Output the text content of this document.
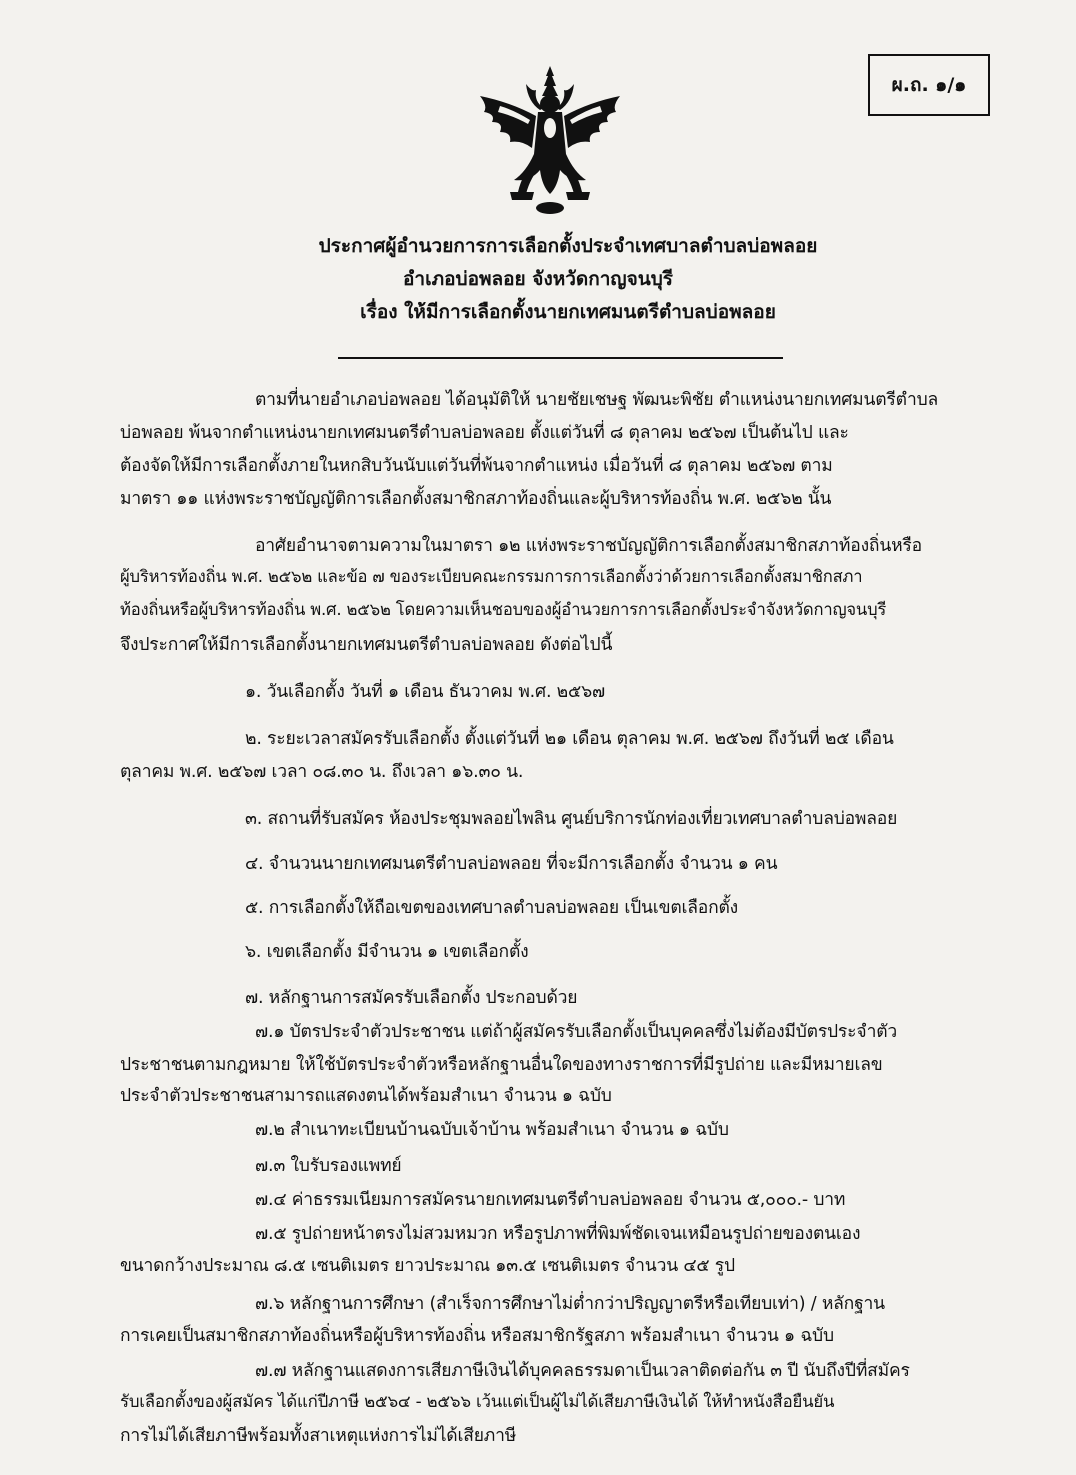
ผ.ถ. ๑/๑
ประกาศผู้อำนวยการการเลือกตั้งประจำเทศบาลตำบลบ่อพลอย
อำเภอบ่อพลอย จังหวัดกาญจนบุรี
เรื่อง ให้มีการเลือกตั้งนายกเทศมนตรีตำบลบ่อพลอย
ตามที่นายอำเภอบ่อพลอย ได้อนุมัติให้ นายชัยเชษฐ พัฒนะพิชัย ตำแหน่งนายกเทศมนตรีตำบล
บ่อพลอย พ้นจากตำแหน่งนายกเทศมนตรีตำบลบ่อพลอย ตั้งแต่วันที่ ๘ ตุลาคม ๒๕๖๗ เป็นต้นไป และ
ต้องจัดให้มีการเลือกตั้งภายในหกสิบวันนับแต่วันที่พ้นจากตำแหน่ง เมื่อวันที่ ๘ ตุลาคม ๒๕๖๗ ตาม
มาตรา ๑๑ แห่งพระราชบัญญัติการเลือกตั้งสมาชิกสภาท้องถิ่นและผู้บริหารท้องถิ่น พ.ศ. ๒๕๖๒ นั้น
อาศัยอำนาจตามความในมาตรา ๑๒ แห่งพระราชบัญญัติการเลือกตั้งสมาชิกสภาท้องถิ่นหรือ
ผู้บริหารท้องถิ่น พ.ศ. ๒๕๖๒ และข้อ ๗ ของระเบียบคณะกรรมการการเลือกตั้งว่าด้วยการเลือกตั้งสมาชิกสภา
ท้องถิ่นหรือผู้บริหารท้องถิ่น พ.ศ. ๒๕๖๒ โดยความเห็นชอบของผู้อำนวยการการเลือกตั้งประจำจังหวัดกาญจนบุรี
จึงประกาศให้มีการเลือกตั้งนายกเทศมนตรีตำบลบ่อพลอย ดังต่อไปนี้
๑. วันเลือกตั้ง วันที่ ๑ เดือน ธันวาคม พ.ศ. ๒๕๖๗
๒. ระยะเวลาสมัครรับเลือกตั้ง ตั้งแต่วันที่ ๒๑ เดือน ตุลาคม พ.ศ. ๒๕๖๗ ถึงวันที่ ๒๕ เดือน
ตุลาคม พ.ศ. ๒๕๖๗ เวลา ๐๘.๓๐ น. ถึงเวลา ๑๖.๓๐ น.
๓. สถานที่รับสมัคร ห้องประชุมพลอยไพลิน ศูนย์บริการนักท่องเที่ยวเทศบาลตำบลบ่อพลอย
๔. จำนวนนายกเทศมนตรีตำบลบ่อพลอย ที่จะมีการเลือกตั้ง จำนวน ๑ คน
๕. การเลือกตั้งให้ถือเขตของเทศบาลตำบลบ่อพลอย เป็นเขตเลือกตั้ง
๖. เขตเลือกตั้ง มีจำนวน ๑ เขตเลือกตั้ง
๗. หลักฐานการสมัครรับเลือกตั้ง ประกอบด้วย
๗.๑ บัตรประจำตัวประชาชน แต่ถ้าผู้สมัครรับเลือกตั้งเป็นบุคคลซึ่งไม่ต้องมีบัตรประจำตัว
ประชาชนตามกฎหมาย ให้ใช้บัตรประจำตัวหรือหลักฐานอื่นใดของทางราชการที่มีรูปถ่าย และมีหมายเลข
ประจำตัวประชาชนสามารถแสดงตนได้พร้อมสำเนา จำนวน ๑ ฉบับ
๗.๒ สำเนาทะเบียนบ้านฉบับเจ้าบ้าน พร้อมสำเนา จำนวน ๑ ฉบับ
๗.๓ ใบรับรองแพทย์
๗.๔ ค่าธรรมเนียมการสมัครนายกเทศมนตรีตำบลบ่อพลอย จำนวน ๕,๐๐๐.- บาท
๗.๕ รูปถ่ายหน้าตรงไม่สวมหมวก หรือรูปภาพที่พิมพ์ชัดเจนเหมือนรูปถ่ายของตนเอง
ขนาดกว้างประมาณ ๘.๕ เซนติเมตร ยาวประมาณ ๑๓.๕ เซนติเมตร จำนวน ๔๕ รูป
๗.๖ หลักฐานการศึกษา (สำเร็จการศึกษาไม่ต่ำกว่าปริญญาตรีหรือเทียบเท่า) / หลักฐาน
การเคยเป็นสมาชิกสภาท้องถิ่นหรือผู้บริหารท้องถิ่น หรือสมาชิกรัฐสภา พร้อมสำเนา จำนวน ๑ ฉบับ
๗.๗ หลักฐานแสดงการเสียภาษีเงินได้บุคคลธรรมดาเป็นเวลาติดต่อกัน ๓ ปี นับถึงปีที่สมัคร
รับเลือกตั้งของผู้สมัคร ได้แก่ปีภาษี ๒๕๖๔ - ๒๕๖๖ เว้นแต่เป็นผู้ไม่ได้เสียภาษีเงินได้ ให้ทำหนังสือยืนยัน
การไม่ได้เสียภาษีพร้อมทั้งสาเหตุแห่งการไม่ได้เสียภาษี
